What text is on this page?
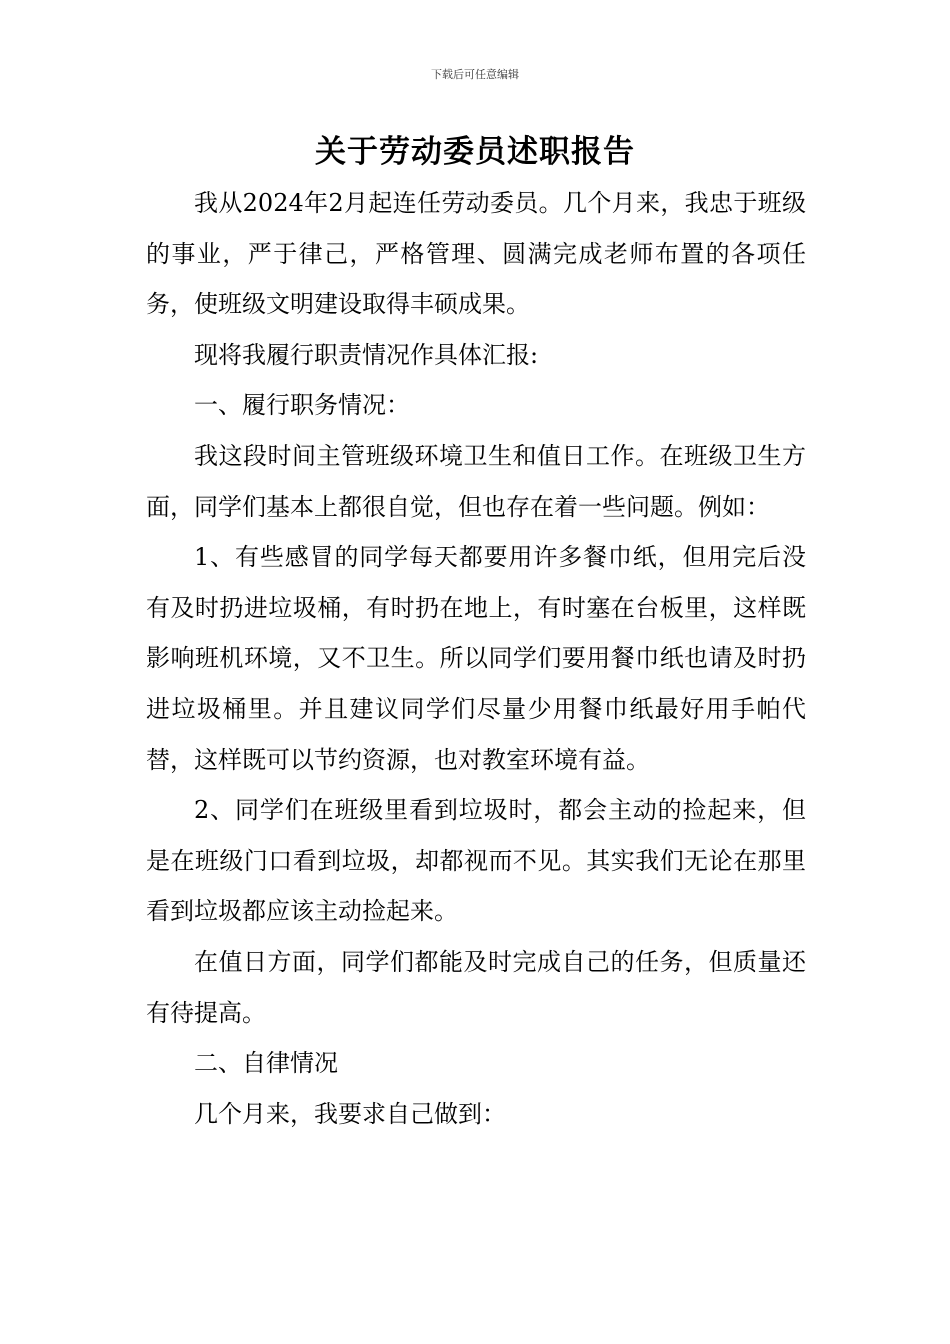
下载后可任意编辑
关于劳动委员述职报告

我从2024年2月起连任劳动委员。几个月来，我忠于班级的事业，严于律己，严格管理、圆满完成老师布置的各项任务，使班级文明建设取得丰硕成果。

现将我履行职责情况作具体汇报:

一、履行职务情况：

我这段时间主管班级环境卫生和值日工作。在班级卫生方面，同学们基本上都很自觉，但也存在着一些问题。例如：

1、有些感冒的同学每天都要用许多餐巾纸，但用完后没有及时扔进垃圾桶，有时扔在地上，有时塞在台板里，这样既影响班机环境，又不卫生。所以同学们要用餐巾纸也请及时扔进垃圾桶里。并且建议同学们尽量少用餐巾纸最好用手帕代替，这样既可以节约资源，也对教室环境有益。

2、同学们在班级里看到垃圾时，都会主动的捡起来，但是在班级门口看到垃圾，却都视而不见。其实我们无论在那里看到垃圾都应该主动捡起来。

在值日方面，同学们都能及时完成自己的任务，但质量还有待提高。

二、自律情况

几个月来，我要求自己做到：
